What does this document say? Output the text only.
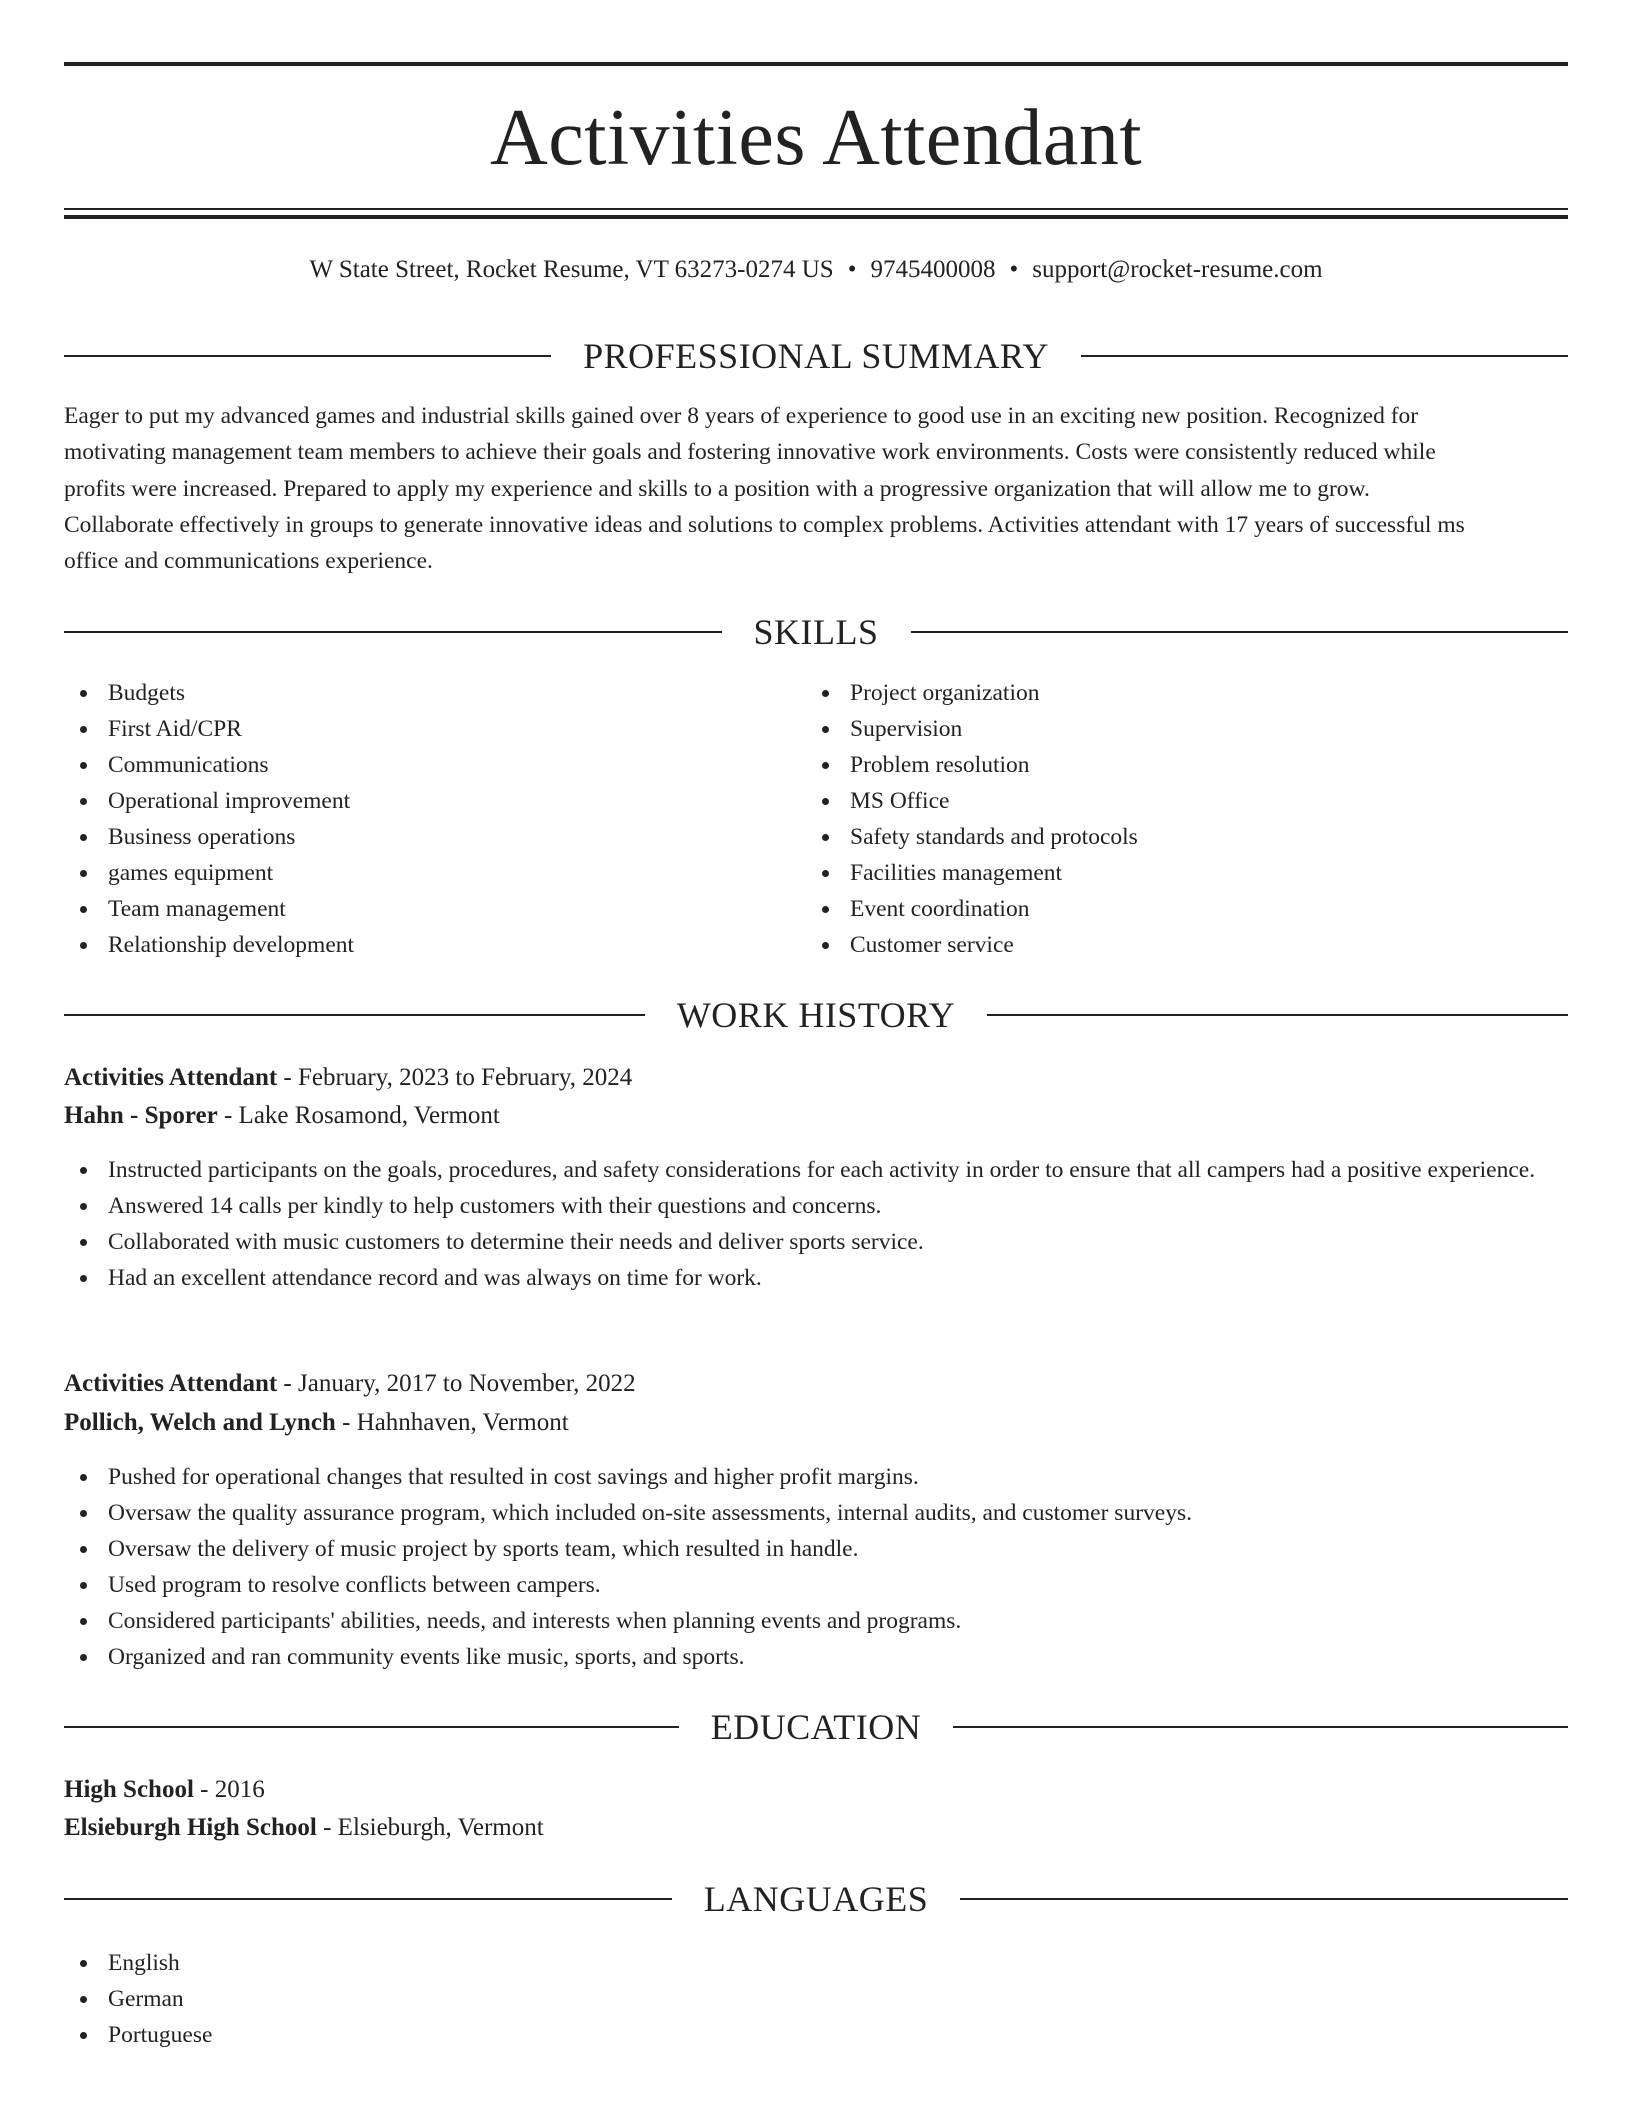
Activities Attendant
W State Street, Rocket Resume, VT 63273-0274 US • 9745400008 • support@rocket-resume.com
PROFESSIONAL SUMMARY
Eager to put my advanced games and industrial skills gained over 8 years of experience to good use in an exciting new position. Recognized for
motivating management team members to achieve their goals and fostering innovative work environments. Costs were consistently reduced while
profits were increased. Prepared to apply my experience and skills to a position with a progressive organization that will allow me to grow.
Collaborate effectively in groups to generate innovative ideas and solutions to complex problems. Activities attendant with 17 years of successful ms
office and communications experience.
SKILLS
Budgets
First Aid/CPR
Communications
Operational improvement
Business operations
games equipment
Team management
Relationship development
Project organization
Supervision
Problem resolution
MS Office
Safety standards and protocols
Facilities management
Event coordination
Customer service
WORK HISTORY
Activities Attendant - February, 2023 to February, 2024
Hahn - Sporer - Lake Rosamond, Vermont
Instructed participants on the goals, procedures, and safety considerations for each activity in order to ensure that all campers had a positive experience.
Answered 14 calls per kindly to help customers with their questions and concerns.
Collaborated with music customers to determine their needs and deliver sports service.
Had an excellent attendance record and was always on time for work.
Activities Attendant - January, 2017 to November, 2022
Pollich, Welch and Lynch - Hahnhaven, Vermont
Pushed for operational changes that resulted in cost savings and higher profit margins.
Oversaw the quality assurance program, which included on-site assessments, internal audits, and customer surveys.
Oversaw the delivery of music project by sports team, which resulted in handle.
Used program to resolve conflicts between campers.
Considered participants' abilities, needs, and interests when planning events and programs.
Organized and ran community events like music, sports, and sports.
EDUCATION
High School - 2016
Elsieburgh High School - Elsieburgh, Vermont
LANGUAGES
English
German
Portuguese
